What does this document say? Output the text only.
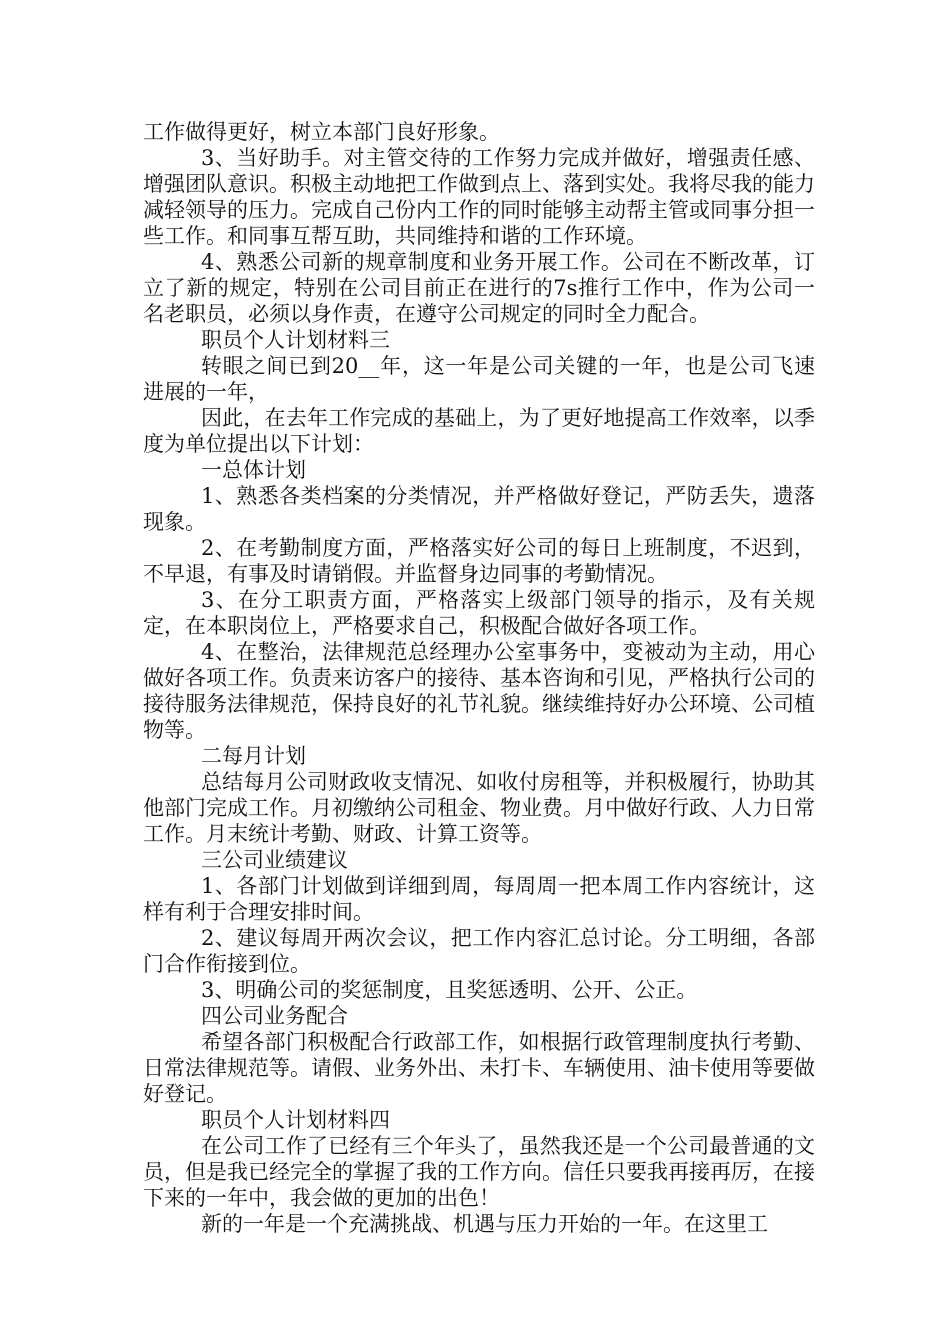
工作做得更好，树立本部门良好形象。

3、当好助手。对主管交待的工作努力完成并做好，增强责任感、增强团队意识。积极主动地把工作做到点上、落到实处。我将尽我的能力减轻领导的压力。完成自己份内工作的同时能够主动帮主管或同事分担一些工作。和同事互帮互助，共同维持和谐的工作环境。

4、熟悉公司新的规章制度和业务开展工作。公司在不断改革，订立了新的规定，特别在公司目前正在进行的7s推行工作中，作为公司一名老职员，必须以身作责，在遵守公司规定的同时全力配合。

职员个人计划材料三

转眼之间已到20__年，这一年是公司关键的一年，也是公司飞速进展的一年，

因此，在去年工作完成的基础上，为了更好地提高工作效率，以季度为单位提出以下计划：

一总体计划

1、熟悉各类档案的分类情况，并严格做好登记，严防丢失，遗落现象。

2、在考勤制度方面，严格落实好公司的每日上班制度，不迟到，不早退，有事及时请销假。并监督身边同事的考勤情况。

3、在分工职责方面，严格落实上级部门领导的指示，及有关规定，在本职岗位上，严格要求自己，积极配合做好各项工作。

4、在整治，法律规范总经理办公室事务中，变被动为主动，用心做好各项工作。负责来访客户的接待、基本咨询和引见，严格执行公司的接待服务法律规范，保持良好的礼节礼貌。继续维持好办公环境、公司植物等。

二每月计划

总结每月公司财政收支情况、如收付房租等，并积极履行，协助其他部门完成工作。月初缴纳公司租金、物业费。月中做好行政、人力日常工作。月末统计考勤、财政、计算工资等。

三公司业绩建议

1、各部门计划做到详细到周，每周周一把本周工作内容统计，这样有利于合理安排时间。

2、建议每周开两次会议，把工作内容汇总讨论。分工明细，各部门合作衔接到位。

3、明确公司的奖惩制度，且奖惩透明、公开、公正。

四公司业务配合

希望各部门积极配合行政部工作，如根据行政管理制度执行考勤、日常法律规范等。请假、业务外出、未打卡、车辆使用、油卡使用等要做好登记。

职员个人计划材料四

在公司工作了已经有三个年头了，虽然我还是一个公司最普通的文员，但是我已经完全的掌握了我的工作方向。信任只要我再接再厉，在接下来的一年中，我会做的更加的出色！

新的一年是一个充满挑战、机遇与压力开始的一年。在这里工
